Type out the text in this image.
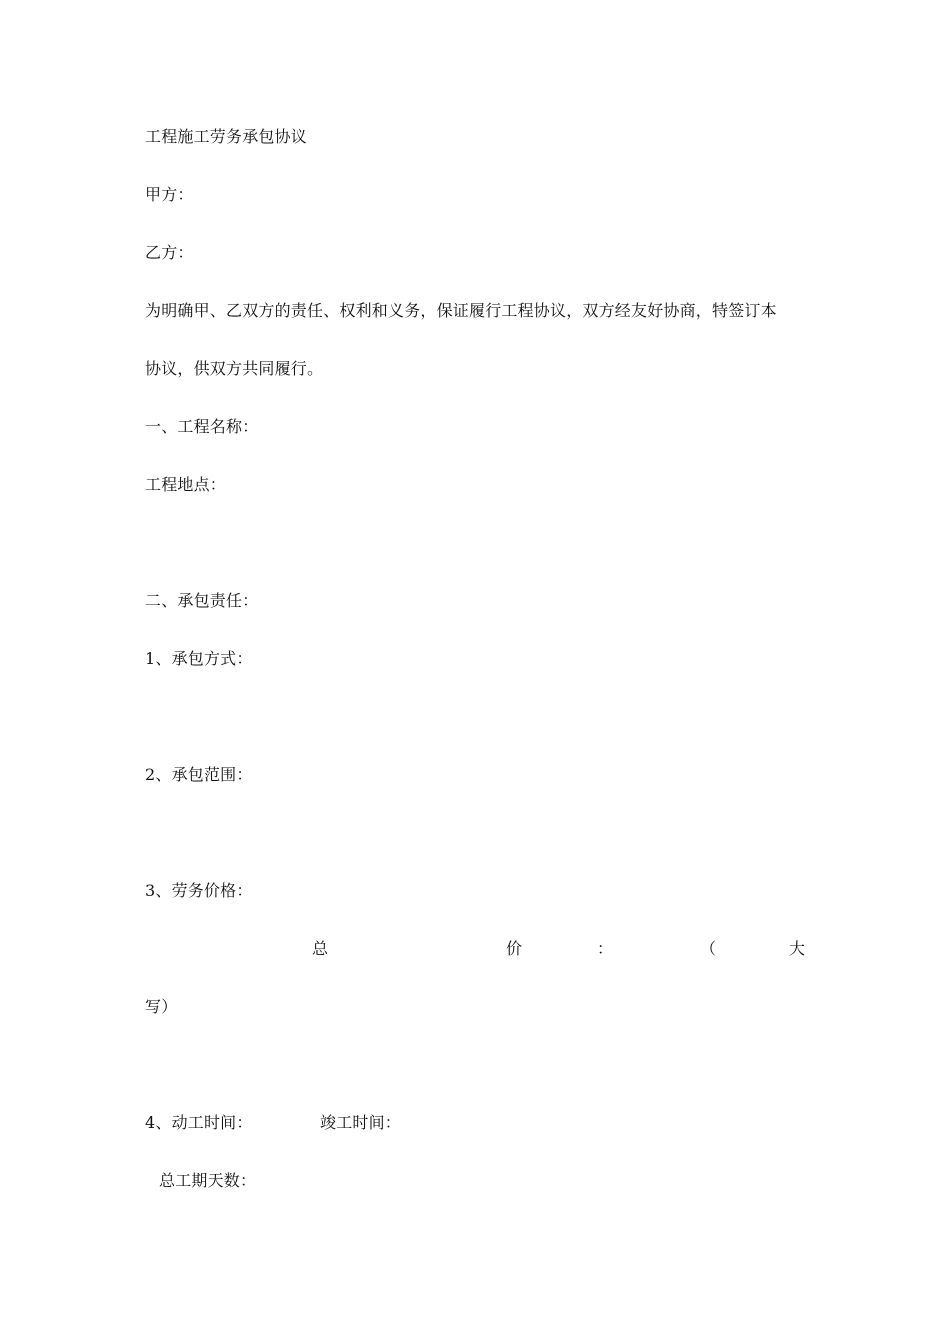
工程施工劳务承包协议
甲方：
乙方：
为明确甲、乙双方的责任、权利和义务，保证履行工程协议，双方经友好协商，特签订本
协议，供双方共同履行。
一、工程名称：
工程地点：
二、承包责任：
1、承包方式：
2、承包范围：
3、劳务价格：
总	价	：	（	大
写）
4、动工时间：	竣工时间：
总工期天数：
